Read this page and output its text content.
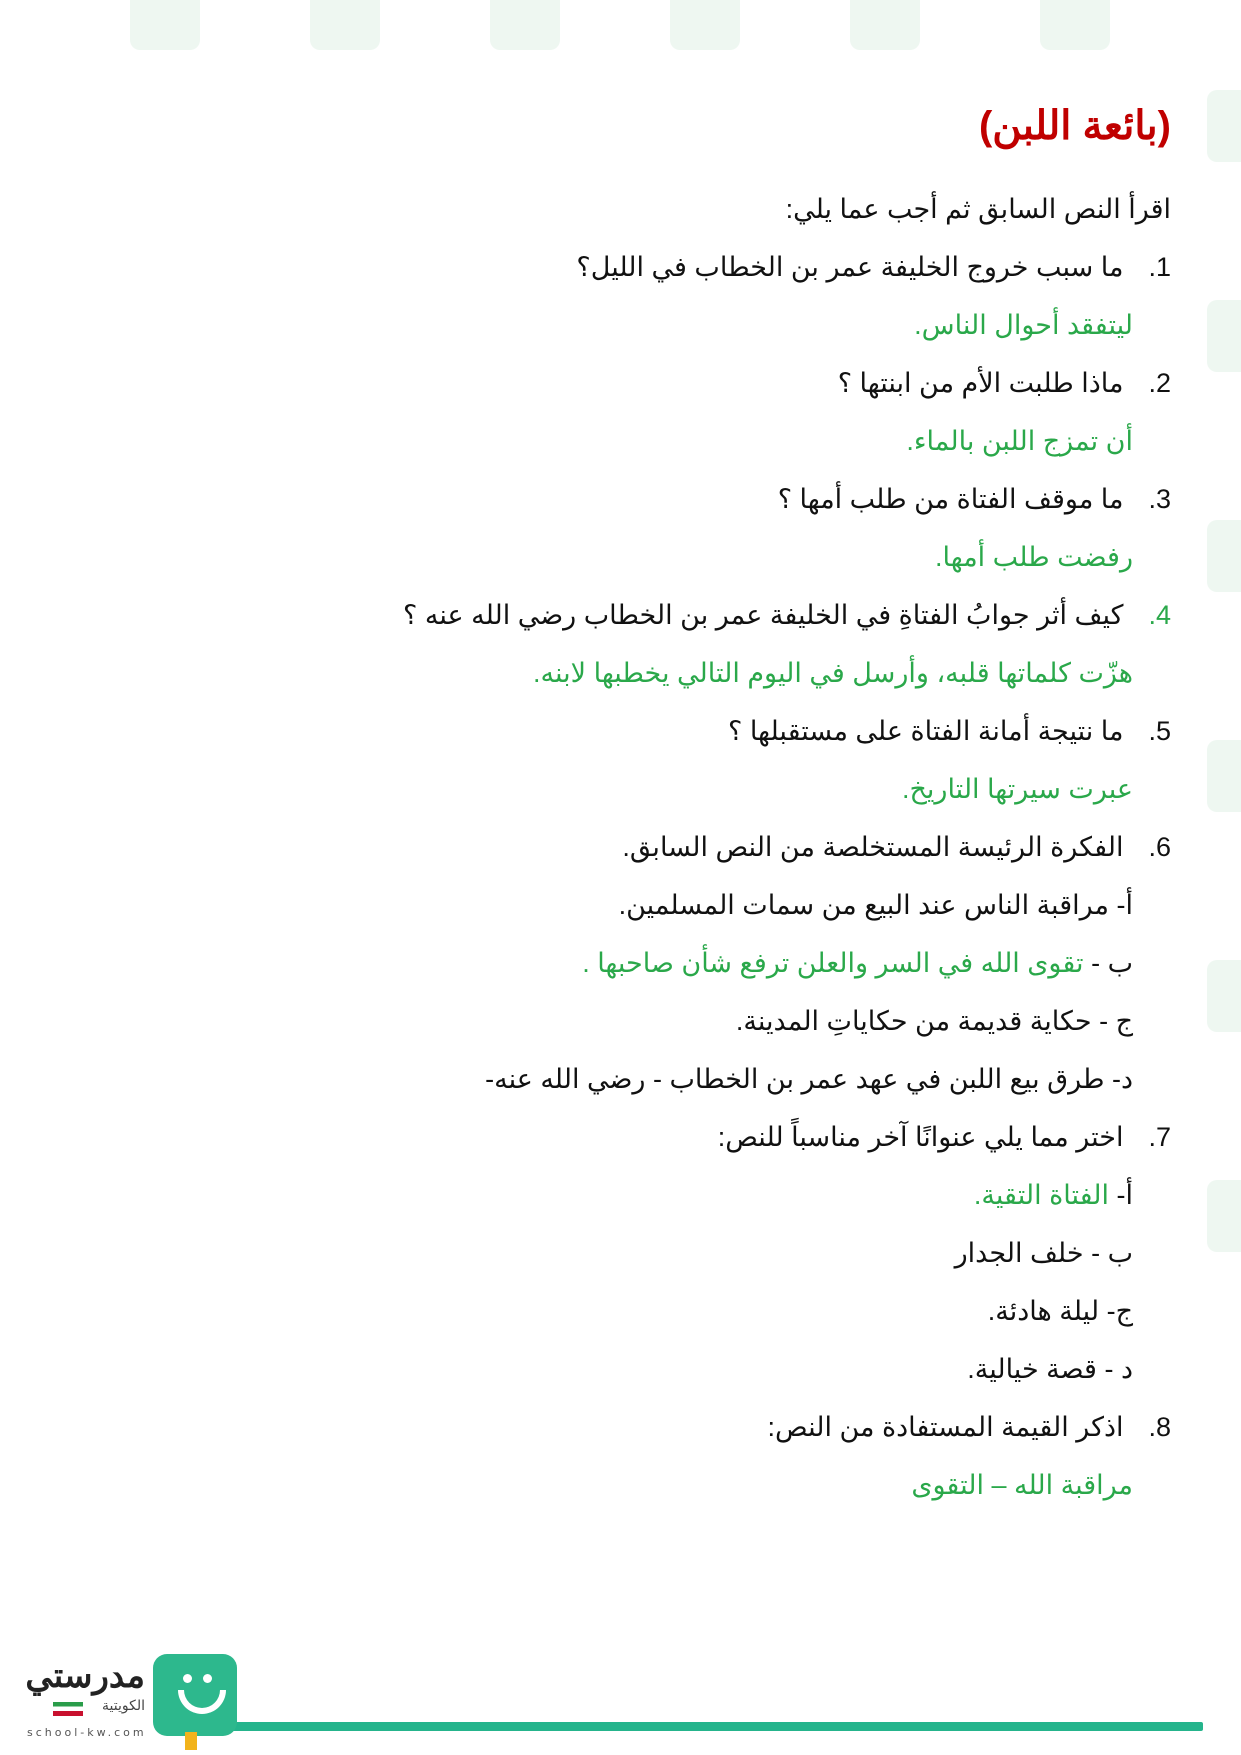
(بائعة اللبن)
اقرأ النص السابق ثم أجب عما يلي:
1. ما سبب خروج الخليفة عمر بن الخطاب في الليل؟
ليتفقد أحوال الناس.
2. ماذا طلبت الأم من ابنتها ؟
أن تمزج اللبن بالماء.
3. ما موقف الفتاة من طلب أمها ؟
رفضت طلب أمها.
4. كيف أثر جوابُ الفتاةِ في الخليفة عمر بن الخطاب رضي الله عنه ؟
هزّت كلماتها قلبه، وأرسل في اليوم التالي يخطبها لابنه.
5. ما نتيجة أمانة الفتاة على مستقبلها ؟
عبرت سيرتها التاريخ.
6. الفكرة الرئيسة المستخلصة من النص السابق.
أ- مراقبة الناس عند البيع من سمات المسلمين.
ب - تقوى الله في السر والعلن ترفع شأن صاحبها .
ج - حكاية قديمة من حكاياتِ المدينة.
د- طرق بيع اللبن في عهد عمر بن الخطاب - رضي الله عنه-
7. اختر مما يلي عنوانًا آخر مناسباً للنص:
أ- الفتاة التقية.
ب - خلف الجدار
ج- ليلة هادئة.
د - قصة خيالية.
8. اذكر القيمة المستفادة من النص:
مراقبة الله – التقوى
مدرستي
الكويتية
school-kw.com
